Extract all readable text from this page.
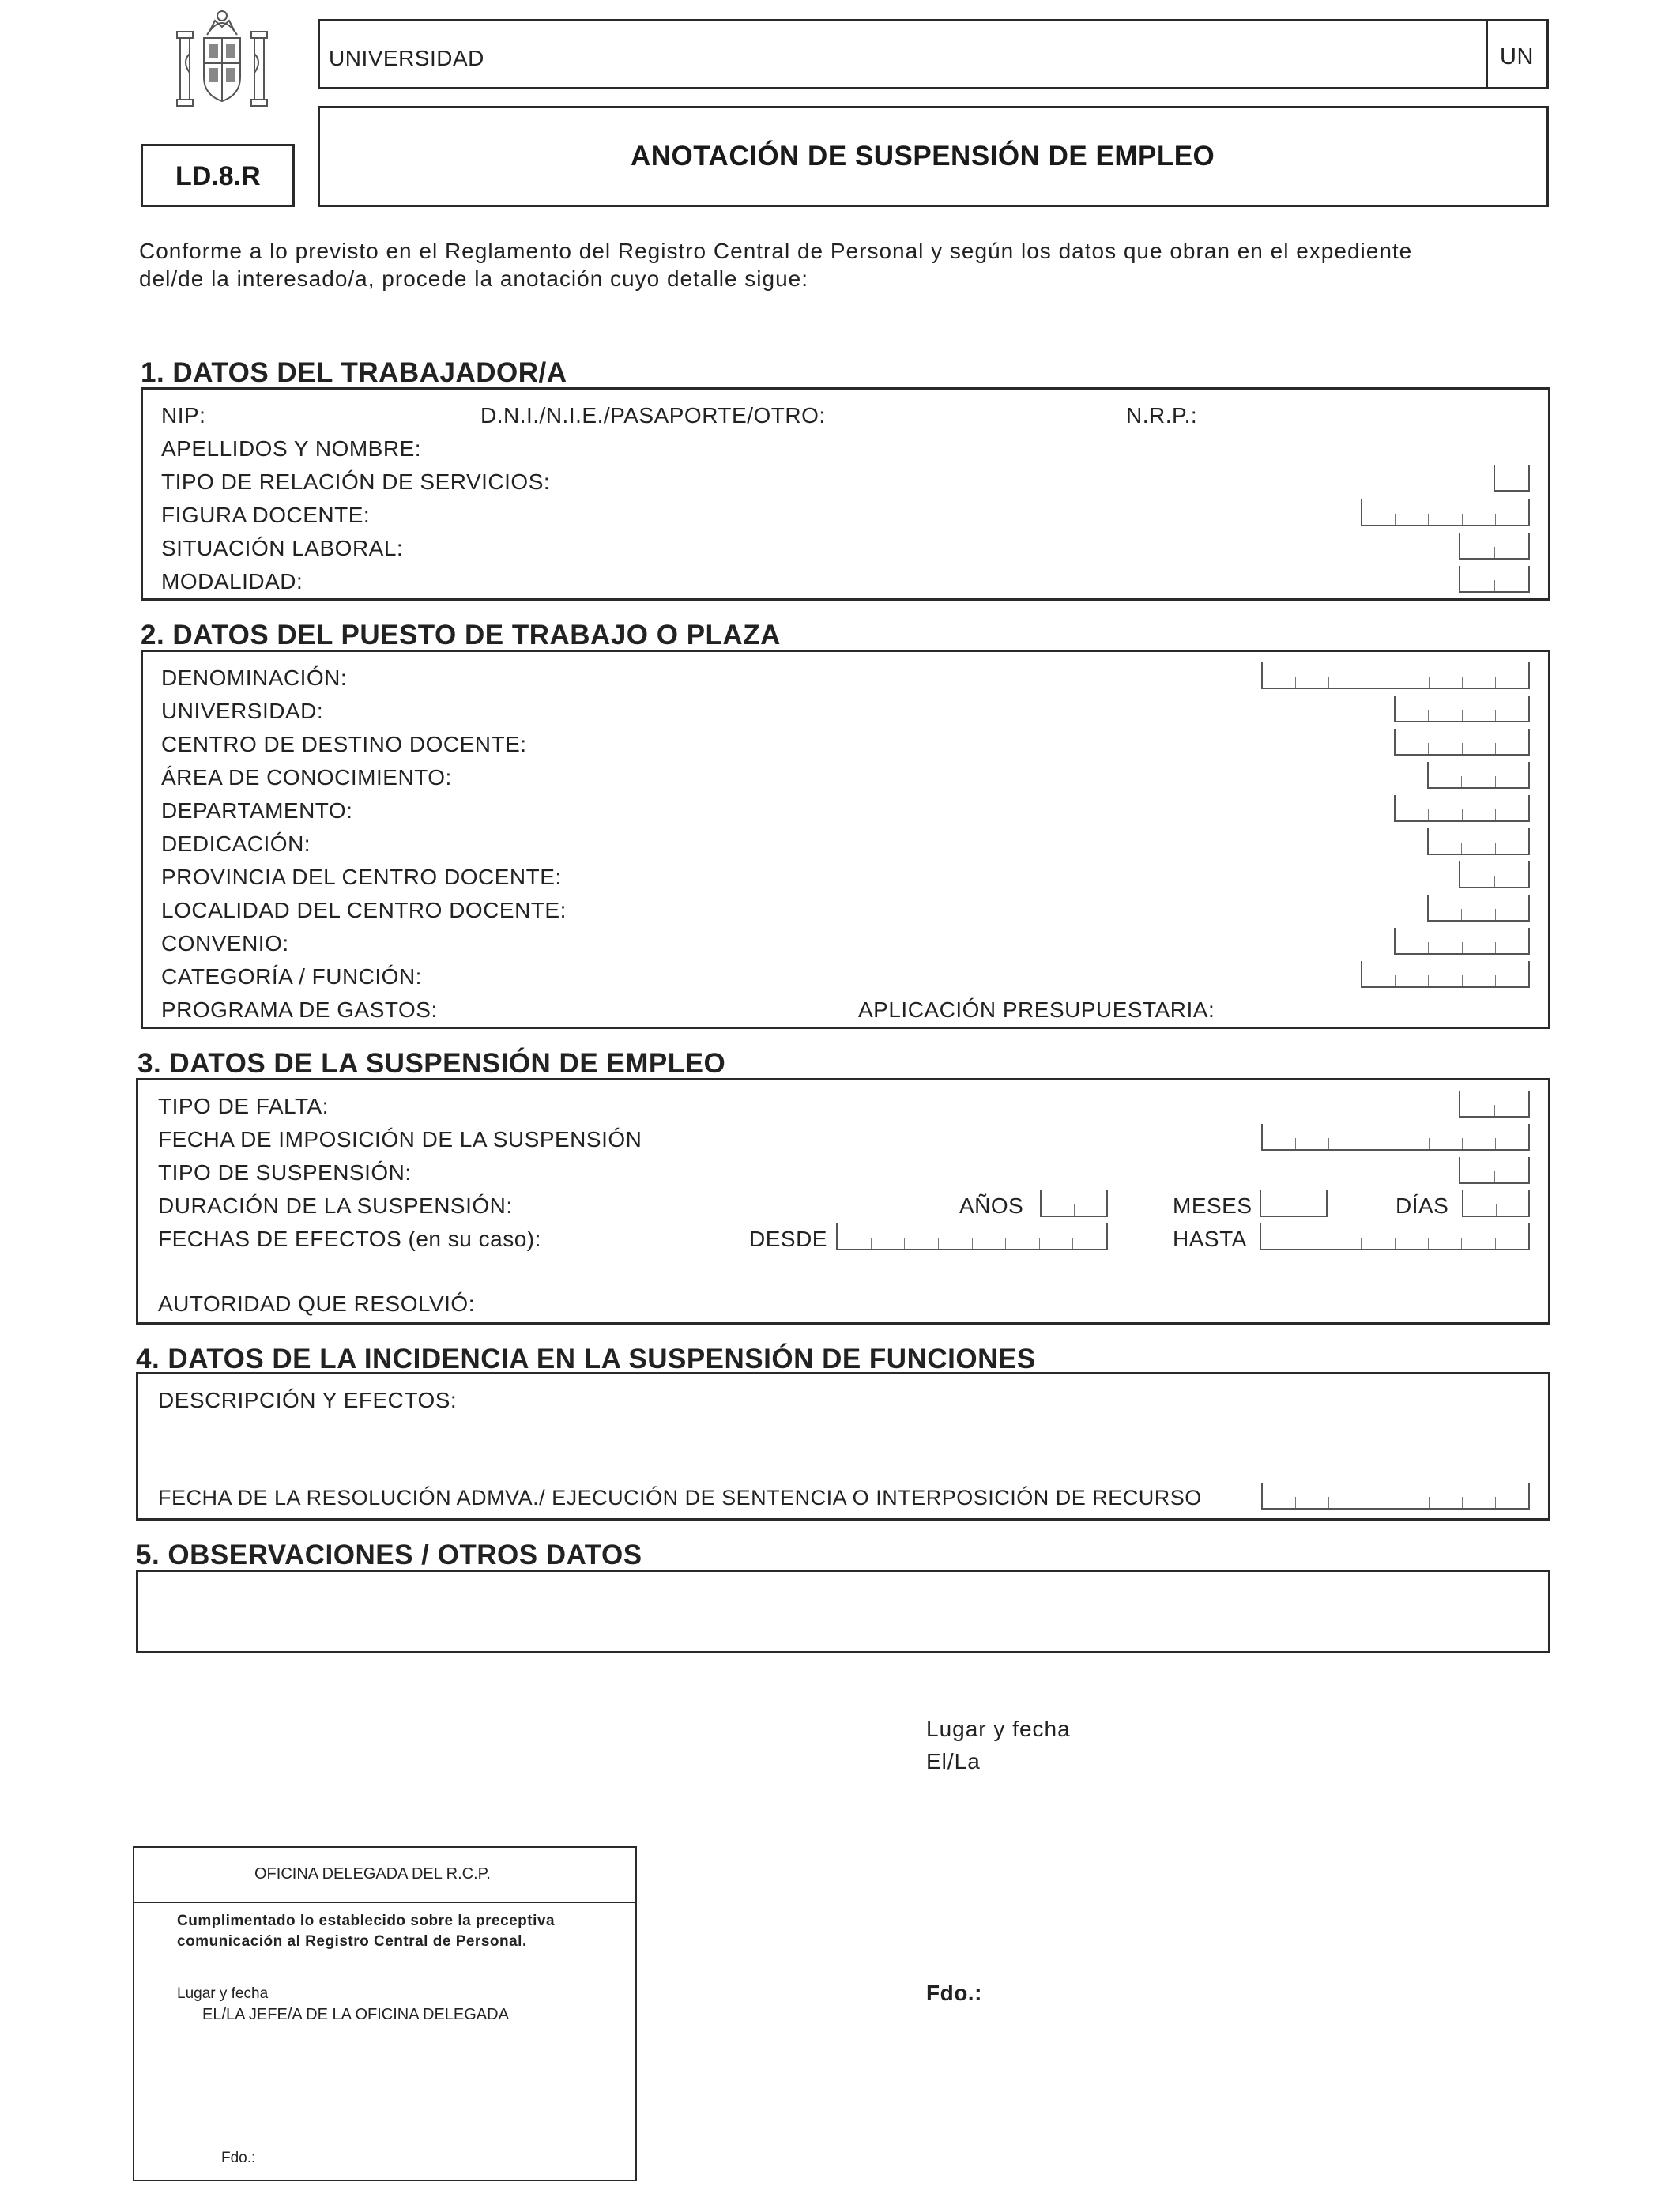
UNIVERSIDAD	UN
LD.8.R
ANOTACIÓN DE SUSPENSIÓN DE EMPLEO
Conforme a lo previsto en el Reglamento del Registro Central de Personal y según los datos que obran en el expediente
del/de la interesado/a, procede la anotación cuyo detalle sigue:
1. DATOS DEL TRABAJADOR/A
NIP:	D.N.I./N.I.E./PASAPORTE/OTRO:	N.R.P.:
APELLIDOS Y NOMBRE:
TIPO DE RELACIÓN DE SERVICIOS:
FIGURA DOCENTE:
SITUACIÓN LABORAL:
MODALIDAD:
2. DATOS DEL PUESTO DE TRABAJO O PLAZA
DENOMINACIÓN:
UNIVERSIDAD:
CENTRO DE DESTINO DOCENTE:
ÁREA DE CONOCIMIENTO:
DEPARTAMENTO:
DEDICACIÓN:
PROVINCIA DEL CENTRO DOCENTE:
LOCALIDAD DEL CENTRO DOCENTE:
CONVENIO:
CATEGORÍA / FUNCIÓN:
PROGRAMA DE GASTOS:	APLICACIÓN PRESUPUESTARIA:
3. DATOS DE LA SUSPENSIÓN DE EMPLEO
TIPO DE FALTA:
FECHA DE IMPOSICIÓN DE LA SUSPENSIÓN
TIPO DE SUSPENSIÓN:
DURACIÓN DE LA SUSPENSIÓN:	AÑOS	MESES	DÍAS
FECHAS DE EFECTOS (en su caso):	DESDE	HASTA
AUTORIDAD QUE RESOLVIÓ:
4. DATOS DE LA INCIDENCIA EN LA SUSPENSIÓN DE FUNCIONES
DESCRIPCIÓN Y EFECTOS:
FECHA DE LA RESOLUCIÓN ADMVA./ EJECUCIÓN DE SENTENCIA O INTERPOSICIÓN DE RECURSO
5. OBSERVACIONES / OTROS DATOS
Lugar y fecha
El/La
Fdo.:
OFICINA DELEGADA DEL R.C.P.
Cumplimentado lo establecido sobre la preceptiva
comunicación al Registro Central de Personal.
Lugar y fecha
EL/LA JEFE/A DE LA OFICINA DELEGADA
Fdo.:
